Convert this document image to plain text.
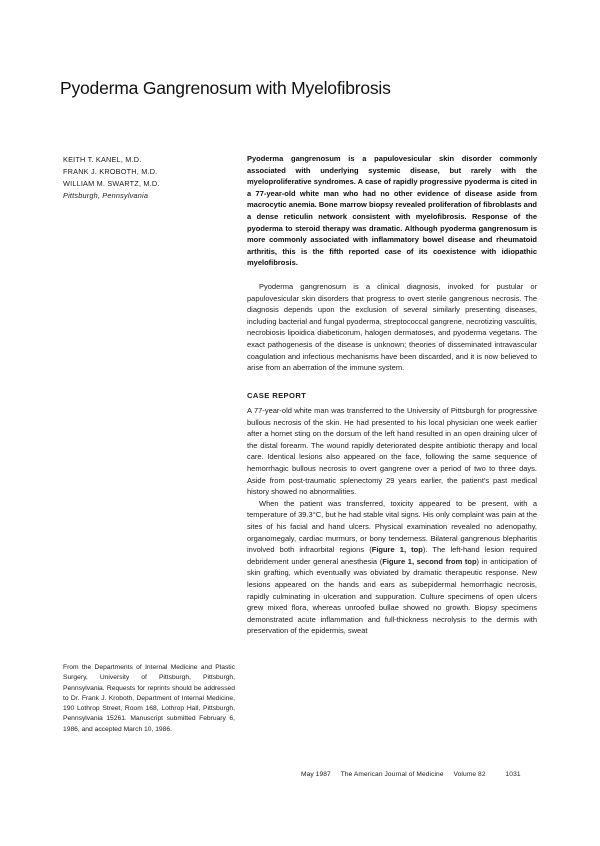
Pyoderma Gangrenosum with Myelofibrosis
KEITH T. KANEL, M.D.
FRANK J. KROBOTH, M.D.
WILLIAM M. SWARTZ, M.D.
Pittsburgh, Pennsylvania
Pyoderma gangrenosum is a papulovesicular skin disorder commonly associated with underlying systemic disease, but rarely with the myeloproliferative syndromes. A case of rapidly progressive pyoderma is cited in a 77-year-old white man who had no other evidence of disease aside from macrocytic anemia. Bone marrow biopsy revealed proliferation of fibroblasts and a dense reticulin network consistent with myelofibrosis. Response of the pyoderma to steroid therapy was dramatic. Although pyoderma gangrenosum is more commonly associated with inflammatory bowel disease and rheumatoid arthritis, this is the fifth reported case of its coexistence with idiopathic myelofibrosis.
Pyoderma gangrenosum is a clinical diagnosis, invoked for pustular or papulovesicular skin disorders that progress to overt sterile gangrenous necrosis. The diagnosis depends upon the exclusion of several similarly presenting diseases, including bacterial and fungal pyoderma, streptococcal gangrene, necrotizing vasculitis, necrobiosis lipoidica diabeticorum, halogen dermatoses, and pyoderma vegetans. The exact pathogenesis of the disease is unknown; theories of disseminated intravascular coagulation and infectious mechanisms have been discarded, and it is now believed to arise from an aberration of the immune system.
CASE REPORT

A 77-year-old white man was transferred to the University of Pittsburgh for progressive bullous necrosis of the skin. He had presented to his local physician one week earlier after a hornet sting on the dorsum of the left hand resulted in an open draining ulcer of the distal forearm. The wound rapidly deteriorated despite antibiotic therapy and local care. Identical lesions also appeared on the face, following the same sequence of hemorrhagic bullous necrosis to overt gangrene over a period of two to three days. Aside from post-traumatic splenectomy 29 years earlier, the patient's past medical history showed no abnormalities.

When the patient was transferred, toxicity appeared to be present, with a temperature of 39.3°C, but he had stable vital signs. His only complaint was pain at the sites of his facial and hand ulcers. Physical examination revealed no adenopathy, organomegaly, cardiac murmurs, or bony tenderness. Bilateral gangrenous blepharitis involved both infraorbital regions (Figure 1, top). The left-hand lesion required debridement under general anesthesia (Figure 1, second from top) in anticipation of skin grafting, which eventually was obviated by dramatic therapeutic response. New lesions appeared on the hands and ears as subepidermal hemorrhagic necrosis, rapidly culminating in ulceration and suppuration. Culture specimens of open ulcers grew mixed flora, whereas unroofed bullae showed no growth. Biopsy specimens demonstrated acute inflammation and full-thickness necrolysis to the dermis with preservation of the epidermis, sweat

From the Departments of Internal Medicine and Plastic Surgery, University of Pittsburgh, Pittsburgh, Pennsylvania. Requests for reprints should be addressed to Dr. Frank J. Kroboth, Department of Internal Medicine, 190 Lothrop Street, Room 168, Lothrop Hall, Pittsburgh, Pennsylvania 15261. Manuscript submitted February 6, 1986, and accepted March 10, 1986.
May 1987 The American Journal of Medicine Volume 82	1031
